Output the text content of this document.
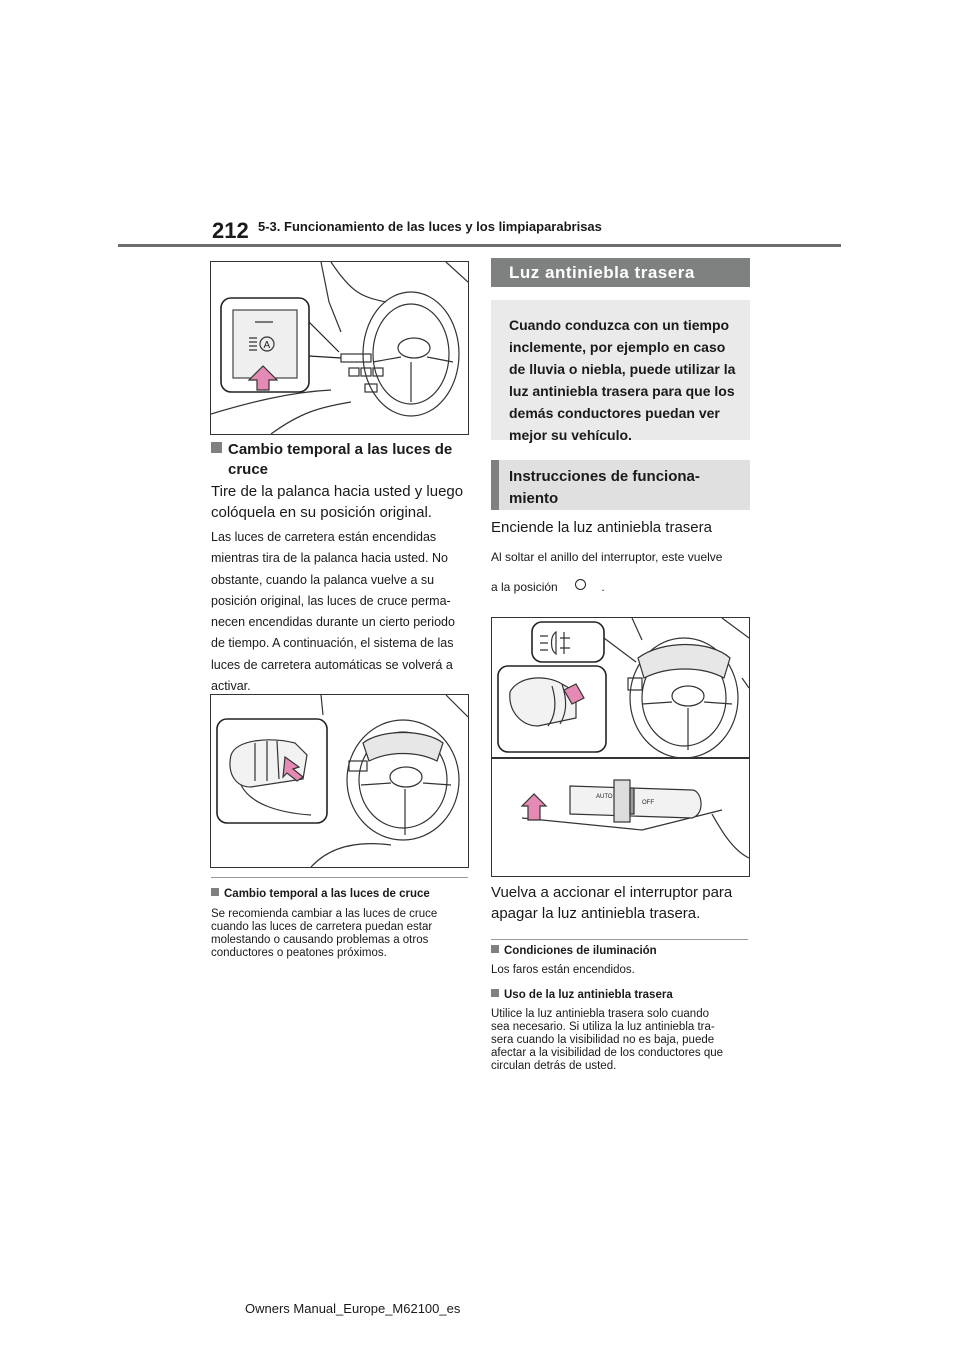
212 5-3. Funcionamiento de las luces y los limpiaparabrisas
A
Cambio temporal a las luces de
cruce
Tire de la palanca hacia usted y luego
colóquela en su posición original.
Las luces de carretera están encendidas
mientras tira de la palanca hacia usted. No
obstante, cuando la palanca vuelve a su
posición original, las luces de cruce perma-
necen encendidas durante un cierto periodo
de tiempo. A continuación, el sistema de las
luces de carretera automáticas se volverá a
activar.
Cambio temporal a las luces de cruce
Se recomienda cambiar a las luces de cruce
cuando las luces de carretera puedan estar
molestando o causando problemas a otros
conductores o peatones próximos.
Luz antiniebla trasera
Cuando conduzca con un tiempo
inclemente, por ejemplo en caso
de lluvia o niebla, puede utilizar la
luz antiniebla trasera para que los
demás conductores puedan ver
mejor su vehículo.
Instrucciones de funciona-
miento
Enciende la luz antiniebla trasera
Al soltar el anillo del interruptor, este vuelve
a la posición	.
AUTO
OFF
Vuelva a accionar el interruptor para
apagar la luz antiniebla trasera.
Condiciones de iluminación
Los faros están encendidos.
Uso de la luz antiniebla trasera
Utilice la luz antiniebla trasera solo cuando
sea necesario. Si utiliza la luz antiniebla tra-
sera cuando la visibilidad no es baja, puede
afectar a la visibilidad de los conductores que
circulan detrás de usted.
Owners Manual_Europe_M62100_es
